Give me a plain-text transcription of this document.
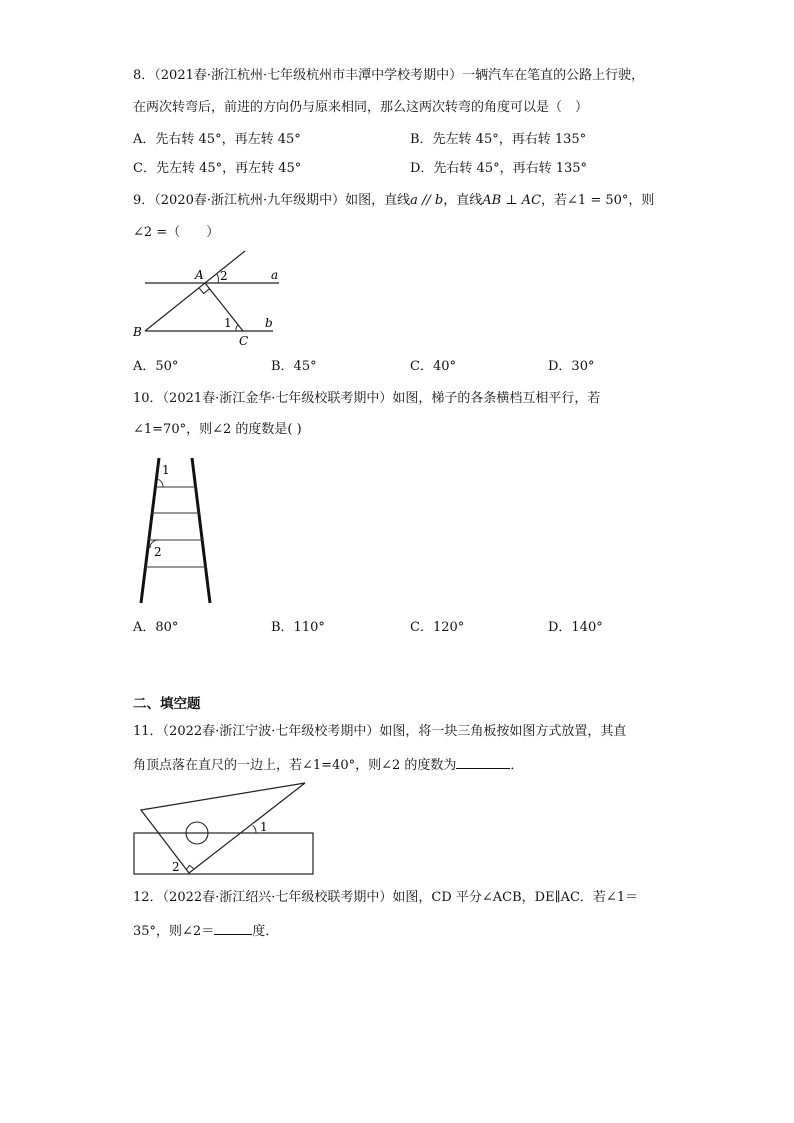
8．（2021春·浙江杭州·七年级杭州市丰潭中学校考期中）一辆汽车在笔直的公路上行驶，
在两次转弯后，前进的方向仍与原来相同，那么这两次转弯的角度可以是（　）
A．先右转 45°，再左转 45°	B．先左转 45°，再右转 135°
C．先左转 45°，再左转 45°	D．先右转 45°，再右转 135°
9．（2020春·浙江杭州·九年级期中）如图，直线a // b，直线AB ⊥ AC，若∠1 = 50°，则
∠2 =（　　）
A 2	a
B
1	b
C
A．50°	B．45°	C．40°	D．30°
10．（2021春·浙江金华·七年级校联考期中）如图，梯子的各条横档互相平行，若
∠1=70°，则∠2 的度数是( )
1
2
A．80°	B．110°	C．120°	D．140°
二、填空题
11．（2022春·浙江宁波·七年级校考期中）如图，将一块三角板按如图方式放置，其直
角顶点落在直尺的一边上，若∠1=40°，则∠2 的度数为	．
1
2
12．（2022春·浙江绍兴·七年级校联考期中）如图，CD 平分∠ACB，DE∥AC．若∠1＝
35°，则∠2＝	度．
